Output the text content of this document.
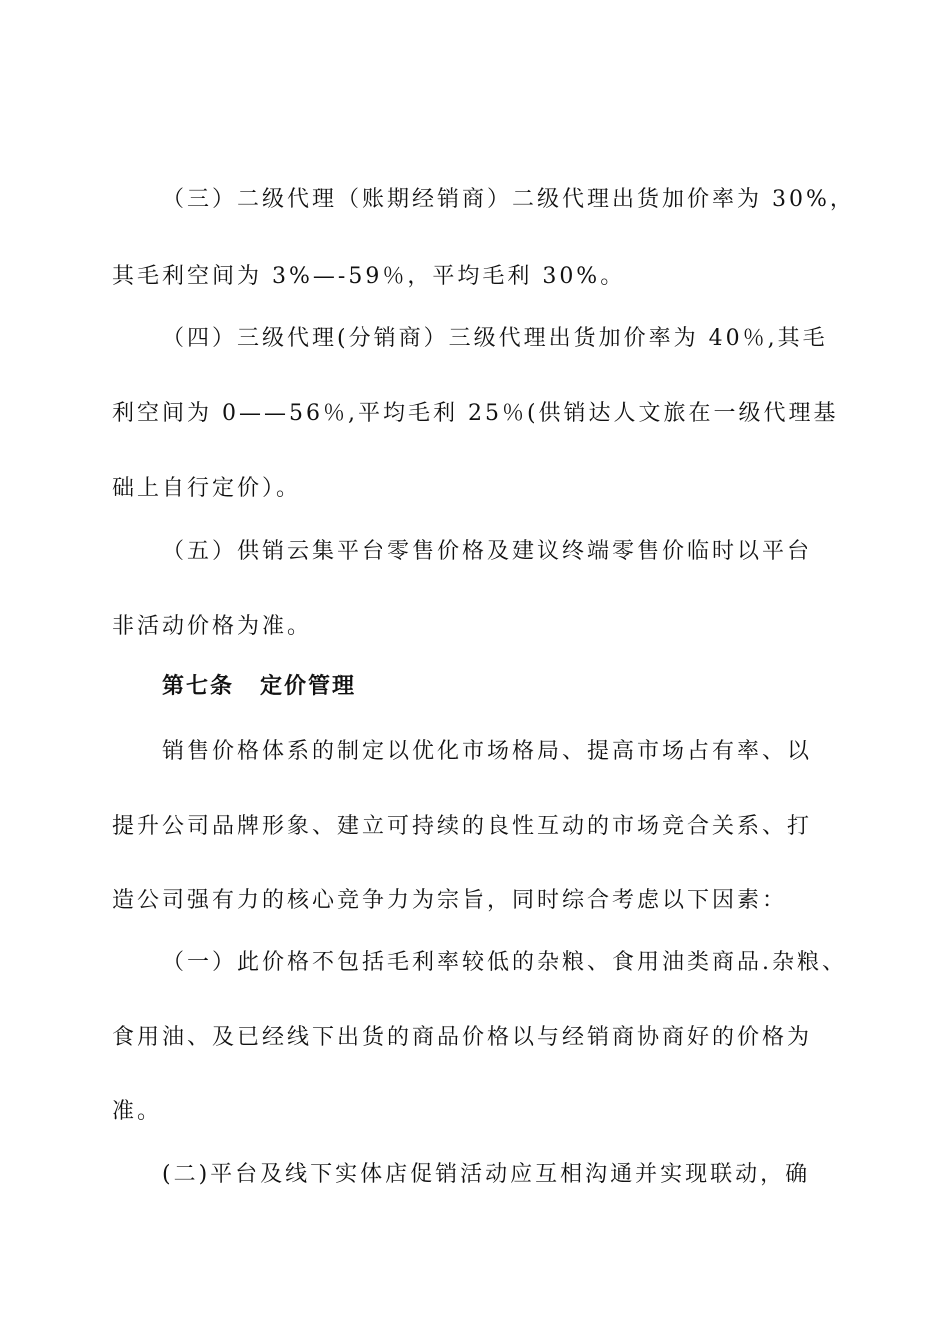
（三）二级代理（账期经销商）二级代理出货加价率为 30%，
其毛利空间为 3%—-59％，平均毛利 30%。
（四）三级代理(分销商）三级代理出货加价率为 40％,其毛
利空间为 0——56％,平均毛利 25％(供销达人文旅在一级代理基
础上自行定价）。
（五）供销云集平台零售价格及建议终端零售价临时以平台
非活动价格为准。
第七条 定价管理
销售价格体系的制定以优化市场格局、提高市场占有率、以
提升公司品牌形象、建立可持续的良性互动的市场竞合关系、打
造公司强有力的核心竞争力为宗旨，同时综合考虑以下因素：
（一）此价格不包括毛利率较低的杂粮、食用油类商品.杂粮、
食用油、及已经线下出货的商品价格以与经销商协商好的价格为
准。
(二)平台及线下实体店促销活动应互相沟通并实现联动，确
